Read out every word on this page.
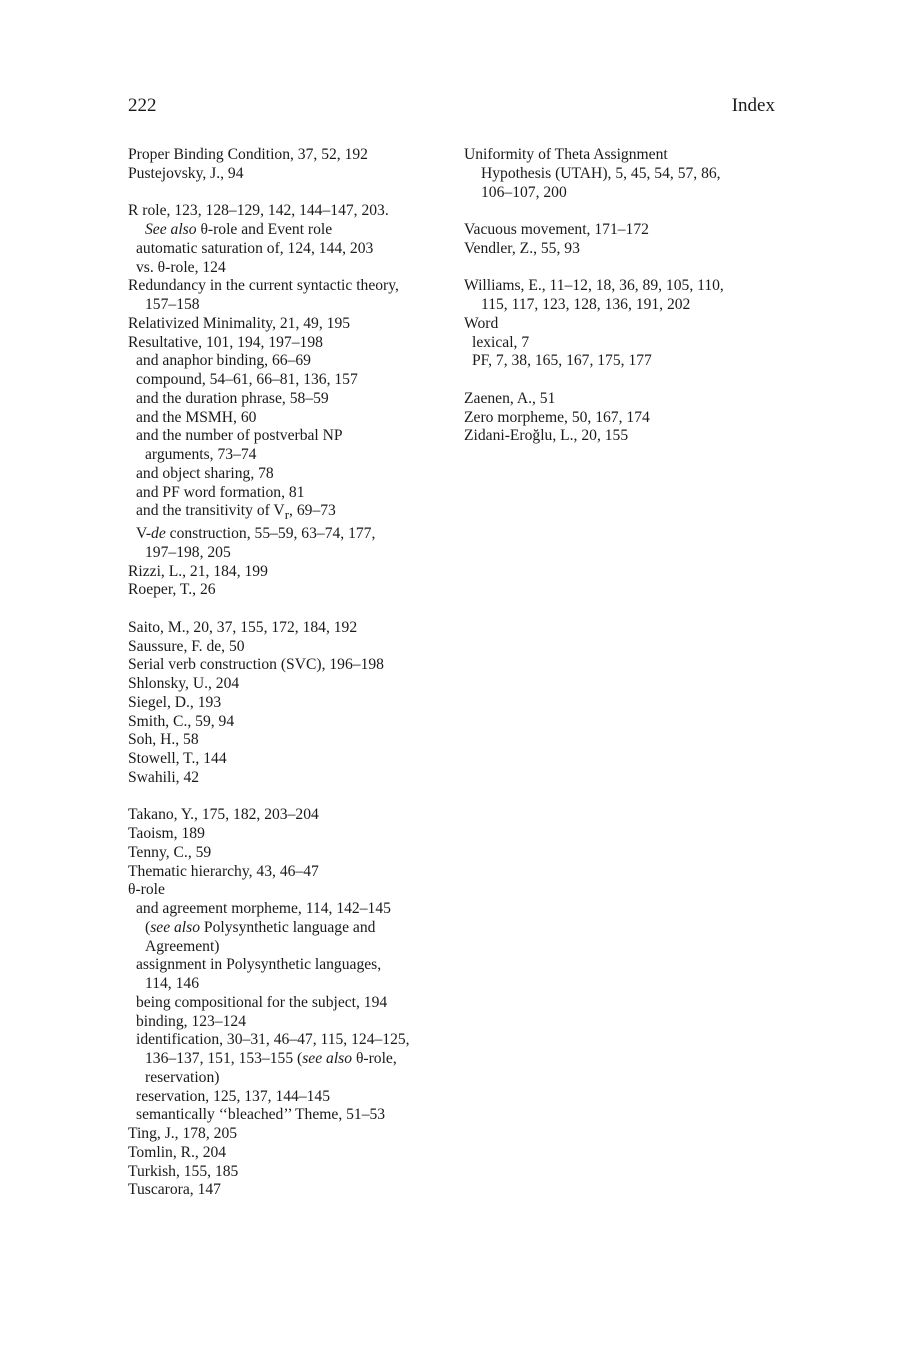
222	Index
Proper Binding Condition, 37, 52, 192
Pustejovsky, J., 94
R role, 123, 128–129, 142, 144–147, 203.
See also θ-role and Event role
automatic saturation of, 124, 144, 203
vs. θ-role, 124
Redundancy in the current syntactic theory,
157–158
Relativized Minimality, 21, 49, 195
Resultative, 101, 194, 197–198
and anaphor binding, 66–69
compound, 54–61, 66–81, 136, 157
and the duration phrase, 58–59
and the MSMH, 60
and the number of postverbal NP
arguments, 73–74
and object sharing, 78
and PF word formation, 81
and the transitivity of $V_r$, 69–73
V-de construction, 55–59, 63–74, 177,
197–198, 205
Rizzi, L., 21, 184, 199
Roeper, T., 26
Saito, M., 20, 37, 155, 172, 184, 192
Saussure, F. de, 50
Serial verb construction (SVC), 196–198
Shlonsky, U., 204
Siegel, D., 193
Smith, C., 59, 94
Soh, H., 58
Stowell, T., 144
Swahili, 42
Takano, Y., 175, 182, 203–204
Taoism, 189
Tenny, C., 59
Thematic hierarchy, 43, 46–47
θ-role
and agreement morpheme, 114, 142–145
(see also Polysynthetic language and
Agreement)
assignment in Polysynthetic languages,
114, 146
being compositional for the subject, 194
binding, 123–124
identification, 30–31, 46–47, 115, 124–125,
136–137, 151, 153–155 (see also θ-role,
reservation)
reservation, 125, 137, 144–145
semantically ‘‘bleached’’ Theme, 51–53
Ting, J., 178, 205
Tomlin, R., 204
Turkish, 155, 185
Tuscarora, 147
Uniformity of Theta Assignment
Hypothesis (UTAH), 5, 45, 54, 57, 86,
106–107, 200
Vacuous movement, 171–172
Vendler, Z., 55, 93
Williams, E., 11–12, 18, 36, 89, 105, 110,
115, 117, 123, 128, 136, 191, 202
Word
lexical, 7
PF, 7, 38, 165, 167, 175, 177
Zaenen, A., 51
Zero morpheme, 50, 167, 174
Zidani-Eroğlu, L., 20, 155
